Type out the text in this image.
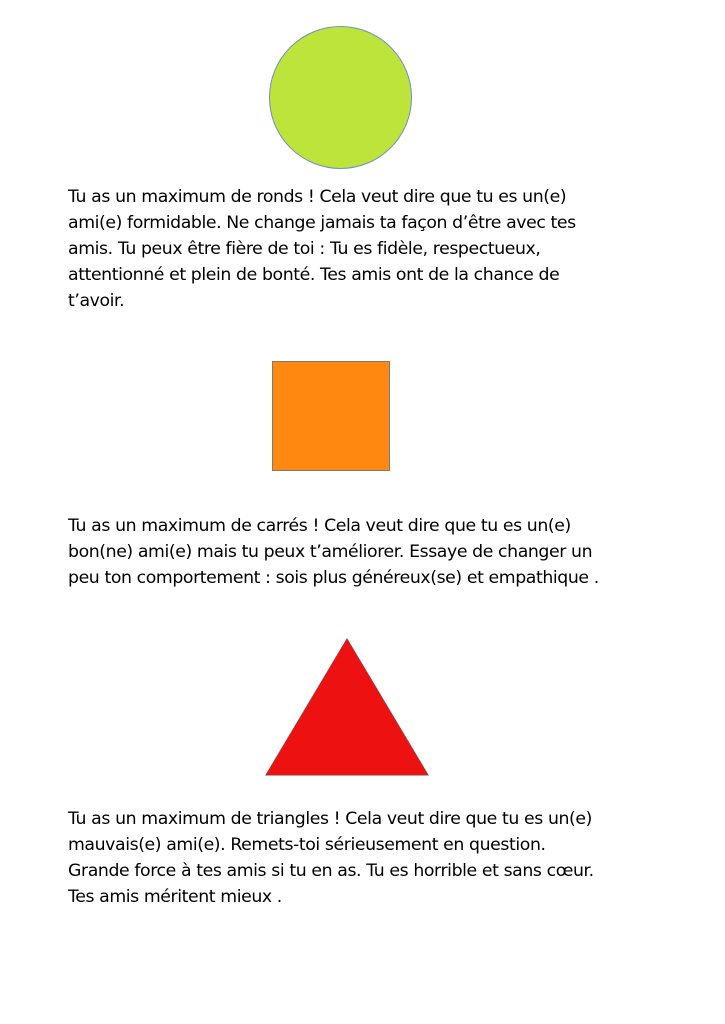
Tu as un maximum de ronds ! Cela veut dire que tu es un(e)
ami(e) formidable. Ne change jamais ta façon d’être avec tes
amis. Tu peux être fière de toi : Tu es fidèle, respectueux,
attentionné et plein de bonté. Tes amis ont de la chance de
t’avoir.

Tu as un maximum de carrés ! Cela veut dire que tu es un(e)
bon(ne) ami(e) mais tu peux t’améliorer. Essaye de changer un
peu ton comportement : sois plus généreux(se) et empathique .

Tu as un maximum de triangles ! Cela veut dire que tu es un(e)
mauvais(e) ami(e). Remets-toi sérieusement en question.
Grande force à tes amis si tu en as. Tu es horrible et sans cœur.
Tes amis méritent mieux .
